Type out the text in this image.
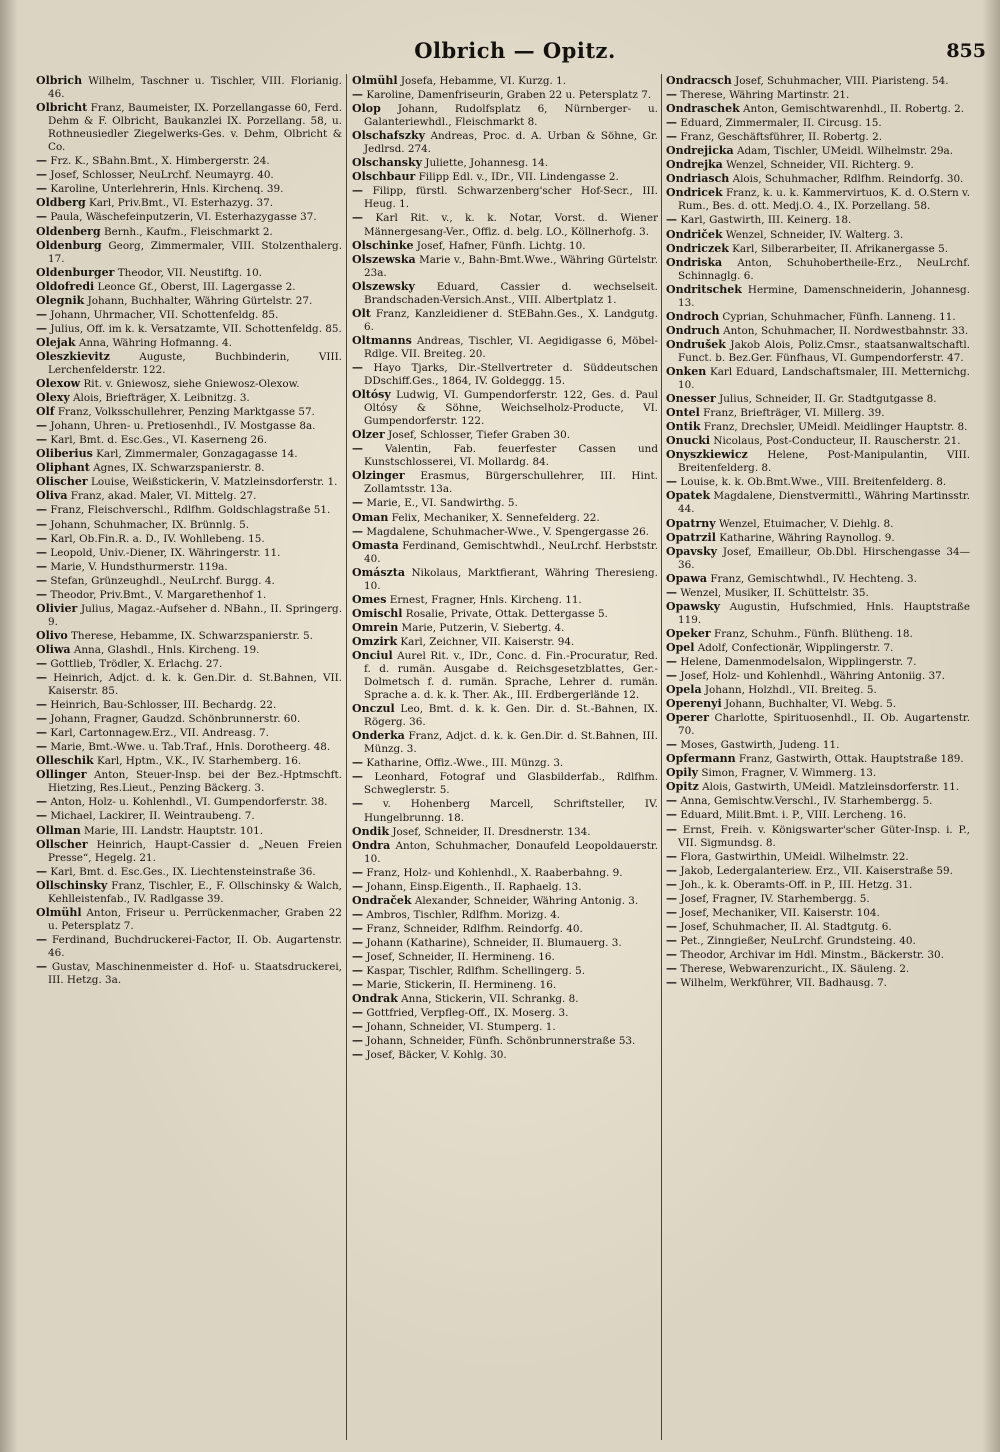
Olbrich — Opitz.	855
Olbrich Wilhelm, Taschner u. Tischler, VIII. Florianig. 46.
Olbricht Franz, Baumeister, IX. Porzellangasse 60, Ferd. Dehm & F. Olbricht, Baukanzlei IX. Porzellang. 58, u. Rothneusiedler Ziegelwerks-Ges. v. Dehm, Olbricht & Co.
— Frz. K., SBahn.Bmt., X. Himbergerstr. 24.
— Josef, Schlosser, NeuLrchf. Neumayrg. 40.
— Karoline, Unterlehrerin, Hnls. Kirchenq. 39.
Oldberg Karl, Priv.Bmt., VI. Esterhazyg. 37.
— Paula, Wäschefeinputzerin, VI. Esterhazygasse 37.
Oldenberg Bernh., Kaufm., Fleischmarkt 2.
Oldenburg Georg, Zimmermaler, VIII. Stolzenthalerg. 17.
Oldenburger Theodor, VII. Neustiftg. 10.
Oldofredi Leonce Gf., Oberst, III. Lagergasse 2.
Olegnik Johann, Buchhalter, Währing Gürtelstr. 27.
— Johann, Uhrmacher, VII. Schottenfeldg. 85.
— Julius, Off. im k. k. Versatzamte, VII. Schottenfeldg. 85.
Olejak Anna, Währing Hofmanng. 4.
Oleszkievitz	Auguste, Buchbinderin, VIII. Lerchenfelderstr. 122.
Olexow Rit. v. Gniewosz, siehe Gniewosz-Olexow.
Olexy Alois, Briefträger, X. Leibnitzg. 3.
Olf Franz, Volksschullehrer, Penzing Marktgasse 57.
— Johann, Uhren- u. Pretiosenhdl., IV. Mostgasse 8a.
— Karl, Bmt. d. Esc.Ges., VI. Kaserneng 26.
Oliberius Karl, Zimmermaler, Gonzagagasse 14.
Oliphant Agnes, IX. Schwarzspanierstr. 8.
Olischer Louise, Weißstickerin, V. Matzleinsdorferstr. 1.
Oliva Franz, akad. Maler, VI. Mittelg. 27.
— Franz, Fleischverschl., Rdlfhm. Goldschlagstraße 51.
— Johann, Schuhmacher, IX. Brünnlg. 5.
— Karl, Ob.Fin.R. a. D., IV. Wohllebeng. 15.
— Leopold, Univ.-Diener, IX. Währingerstr. 11.
— Marie, V. Hundsthurmerstr. 119a.
— Stefan, Grünzeughdl., NeuLrchf. Burgg. 4.
— Theodor, Priv.Bmt., V. Margarethenhof 1.
Olivier Julius, Magaz.-Aufseher d. NBahn., II. Springerg. 9.
Olivo Therese, Hebamme, IX. Schwarzspanierstr. 5.
Oliwa Anna, Glashdl., Hnls. Kircheng. 19.
— Gottlieb, Trödler, X. Erlachg. 27.
— Heinrich, Adjct. d. k. k. Gen.Dir. d. St.Bahnen, VII. Kaiserstr. 85.
— Heinrich, Bau-Schlosser, III. Bechardg. 22.
— Johann, Fragner, Gaudzd. Schönbrunnerstr. 60.
— Karl, Cartonnagew.Erz., VII. Andreasg. 7.
— Marie, Bmt.-Wwe. u. Tab.Traf., Hnls. Dorotheerg. 48.
Olleschik Karl, Hptm., V.K., IV. Starhemberg. 16.
Ollinger Anton, Steuer-Insp. bei der Bez.-Hptmschft. Hietzing, Res.Lieut., Penzing Bäckerg. 3.
— Anton, Holz- u. Kohlenhdl., VI. Gumpendorferstr. 38.
— Michael, Lackirer, II. Weintraubeng. 7.
Ollman Marie, III. Landstr. Hauptstr. 101.
Ollscher Heinrich, Haupt-Cassier d. „Neuen Freien Presse“, Hegelg. 21.
— Karl, Bmt. d. Esc.Ges., IX. Liechtensteinstraße 36.
Ollschinsky Franz, Tischler, E., F. Ollschinsky & Walch, Kehlleistenfab., IV. Radlgasse 39.
Olmühl Anton, Friseur u. Perrückenmacher, Graben 22 u. Petersplatz 7.
— Ferdinand, Buchdruckerei-Factor, II. Ob. Augartenstr. 46.
— Gustav, Maschinenmeister d. Hof- u. Staatsdruckerei, III. Hetzg. 3a.
Olmühl Josefa, Hebamme, VI. Kurzg. 1.
— Karoline, Damenfriseurin, Graben 22 u. Petersplatz 7.
Olop Johann, Rudolfsplatz 6, Nürnberger- u. Galanteriewhdl., Fleischmarkt 8.
Olschafszky Andreas, Proc. d. A. Urban & Söhne, Gr. Jedlrsd. 274.
Olschansky Juliette, Johannesg. 14.
Olschbaur Filipp Edl. v., IDr., VII. Lindengasse 2.
— Filipp, fürstl. Schwarzenberg'scher Hof-Secr., III. Heug. 1.
— Karl Rit. v., k. k. Notar, Vorst. d. Wiener Männergesang-Ver., Offiz. d. belg. LO., Köllnerhofg. 3.
Olschinke Josef, Hafner, Fünfh. Lichtg. 10.
Olszewska Marie v., Bahn-Bmt.Wwe., Währing Gürtelstr. 23a.
Olszewsky Eduard, Cassier d. wechselseit. Brandschaden-Versich.Anst., VIII. Albertplatz 1.
Olt Franz, Kanzleidiener d. StEBahn.Ges., X. Landgutg. 6.
Oltmanns Andreas, Tischler, VI. Aegidigasse 6, Möbel-Rdlge. VII. Breiteg. 20.
— Hayo Tjarks, Dir.-Stellvertreter d. Süddeutschen DDschiff.Ges., 1864, IV. Goldeggg. 15.
Oltósy Ludwig, VI. Gumpendorferstr. 122, Ges. d. Paul Oltósy & Söhne, Weichselholz-Producte, VI. Gumpendorferstr. 122.
Olzer Josef, Schlosser, Tiefer Graben 30.
— Valentin, Fab. feuerfester Cassen und Kunstschlosserei, VI. Mollardg. 84.
Olzinger Erasmus, Bürgerschullehrer, III. Hint. Zollamtsstr. 13a.
— Marie, E., VI. Sandwirthg. 5.
Oman Felix, Mechaniker, X. Sennefelderg. 22.
— Magdalene, Schuhmacher-Wwe., V. Spengergasse 26.
Omasta Ferdinand, Gemischtwhdl., NeuLrchf. Herbststr. 40.
Omásztа Nikolaus, Marktfierant, Währing Theresieng. 10.
Omes Ernest, Fragner, Hnls. Kircheng. 11.
Omischl Rosalie, Private, Ottak. Dettergasse 5.
Omrein Marie, Putzerin, V. Siebertg. 4.
Omzirk Karl, Zeichner, VII. Kaiserstr. 94.
Onciul Aurel Rit. v., IDr., Conc. d. Fin.-Procuratur, Red. f. d. rumän. Ausgabe d. Reichsgesetzblattes, Ger.-Dolmetsch f. d. rumän. Sprache, Lehrer d. rumän. Sprache a. d. k. k. Ther. Ak., III. Erdbergerlände 12.
Onczul Leo, Bmt. d. k. k. Gen. Dir. d. St.-Bahnen, IX. Rögerg. 36.
Onderka Franz, Adjct. d. k. k. Gen.Dir. d. St.Bahnen, III. Münzg. 3.
— Katharine, Offiz.-Wwe., III. Münzg. 3.
— Leonhard, Fotograf und Glasbilderfab., Rdlfhm. Schweglerstr. 5.
— v. Hohenberg Marcell, Schriftsteller, IV. Hungelbrunng. 18.
Ondik Josef, Schneider, II. Dresdnerstr. 134.
Ondra Anton, Schuhmacher, Donaufeld Leopoldauerstr. 10.
— Franz, Holz- und Kohlenhdl., X. Raaberbahng. 9.
— Johann, Einsp.Eigenth., II. Raphaelg. 13.
Ondraček Alexander, Schneider, Währing Antonig. 3.
— Ambros, Tischler, Rdlfhm. Morizg. 4.
— Franz, Schneider, Rdlfhm. Reindorfg. 40.
— Johann (Katharine), Schneider, II. Blumauerg. 3.
— Josef, Schneider, II. Hermineng. 16.
— Kaspar, Tischler, Rdlfhm. Schellingerg. 5.
— Marie, Stickerin, II. Hermineng. 16.
Ondrak Anna, Stickerin, VII. Schrankg. 8.
— Gottfried, Verpfleg-Off., IX. Moserg. 3.
— Johann, Schneider, VI. Stumperg. 1.
— Johann, Schneider, Fünfh. Schönbrunnerstraße 53.
— Josef, Bäcker, V. Kohlg. 30.
Ondracsch Josef, Schuhmacher, VIII. Piaristeng. 54.
— Therese, Währing Martinstr. 21.
Ondraschek Anton, Gemischtwarenhdl., II. Robertg. 2.
— Eduard, Zimmermaler, II. Circusg. 15.
— Franz, Geschäftsführer, II. Robertg. 2.
Ondrejicka Adam, Tischler, UMeidl. Wilhelmstr. 29a.
Ondrejka Wenzel, Schneider, VII. Richterg. 9.
Ondriasch Alois, Schuhmacher, Rdlfhm. Reindorfg. 30.
Ondricek Franz, k. u. k. Kammervirtuos, K. d. O.Stern v. Rum., Bes. d. ott. Medj.O. 4., IX. Porzellang. 58.
— Karl, Gastwirth, III. Keinerg. 18.
Ondriček Wenzel, Schneider, IV. Walterg. 3.
Ondriczek Karl, Silberarbeiter, II. Afrikanergasse 5.
Ondriska Anton, Schuhobertheile-Erz., NeuLrchf. Schinnaglg. 6.
Ondritschek Hermine, Damenschneiderin, Johannesg. 13.
Ondroch Cyprian, Schuhmacher, Fünfh. Lanneng. 11.
Ondruch Anton, Schuhmacher, II. Nordwestbahnstr. 33.
Ondrušek Jakob Alois, Poliz.Cmsr., staatsanwaltschaftl. Funct. b. Bez.Ger. Fünfhaus, VI. Gumpendorferstr. 47.
Onken Karl Eduard, Landschaftsmaler, III. Metternichg. 10.
Onesser Julius, Schneider, II. Gr. Stadtgutgasse 8.
Ontel Franz, Briefträger, VI. Millerg. 39.
Ontik Franz, Drechsler, UMeidl. Meidlinger Hauptstr. 8.
Onucki Nicolaus, Post-Conducteur, II. Rauscherstr. 21.
Onyszkiewicz Helene, Post-Manipulantin, VIII. Breitenfelderg. 8.
— Louise, k. k. Ob.Bmt.Wwe., VIII. Breitenfelderg. 8.
Opatek Magdalene, Dienstvermittl., Währing Martinsstr. 44.
Opatrny Wenzel, Etuimacher, V. Diehlg. 8.
Opatrzil Katharine, Währing Raynollog. 9.
Opavsky Josef, Emailleur, Ob.Dbl. Hirschengasse 34—36.
Opawa Franz, Gemischtwhdl., IV. Hechteng. 3.
— Wenzel, Musiker, II. Schüttelstr. 35.
Opawsky Augustin, Hufschmied, Hnls. Hauptstraße 119.
Opeker Franz, Schuhm., Fünfh. Blütheng. 18.
Opel Adolf, Confectionär, Wipplingerstr. 7.
— Helene, Damenmodelsalon, Wipplingerstr. 7.
— Josef, Holz- und Kohlenhdl., Währing Antoniig. 37.
Opela Johann, Holzhdl., VII. Breiteg. 5.
Operenyi Johann, Buchhalter, VI. Webg. 5.
Operer Charlotte, Spirituosenhdl., II. Ob. Augartenstr. 70.
— Moses, Gastwirth, Judeng. 11.
Opfermann Franz, Gastwirth, Ottak. Hauptstraße 189.
Opily Simon, Fragner, V. Wimmerg. 13.
Opitz Alois, Gastwirth, UMeidl. Matzleinsdorferstr. 11.
— Anna, Gemischtw.Verschl., IV. Starhembergg. 5.
— Eduard, Milit.Bmt. i. P., VIII. Lercheng. 16.
— Ernst, Freih. v. Königswarter'scher Güter-Insp. i. P., VII. Sigmundsg. 8.
— Flora, Gastwirthin, UMeidl. Wilhelmstr. 22.
— Jakob, Ledergalanteriew. Erz., VII. Kaiserstraße 59.
— Joh., k. k. Oberamts-Off. in P., III. Hetzg. 31.
— Josef, Fragner, IV. Starhembergg. 5.
— Josef, Mechaniker, VII. Kaiserstr. 104.
— Josef, Schuhmacher, II. Al. Stadtgutg. 6.
— Pet., Zinngießer, NeuLrchf. Grundsteing. 40.
— Theodor, Archivar im Hdl. Minstm., Bäckerstr. 30.
— Therese, Webwarenzuricht., IX. Säuleng. 2.
— Wilhelm, Werkführer, VII. Badhausg. 7.
